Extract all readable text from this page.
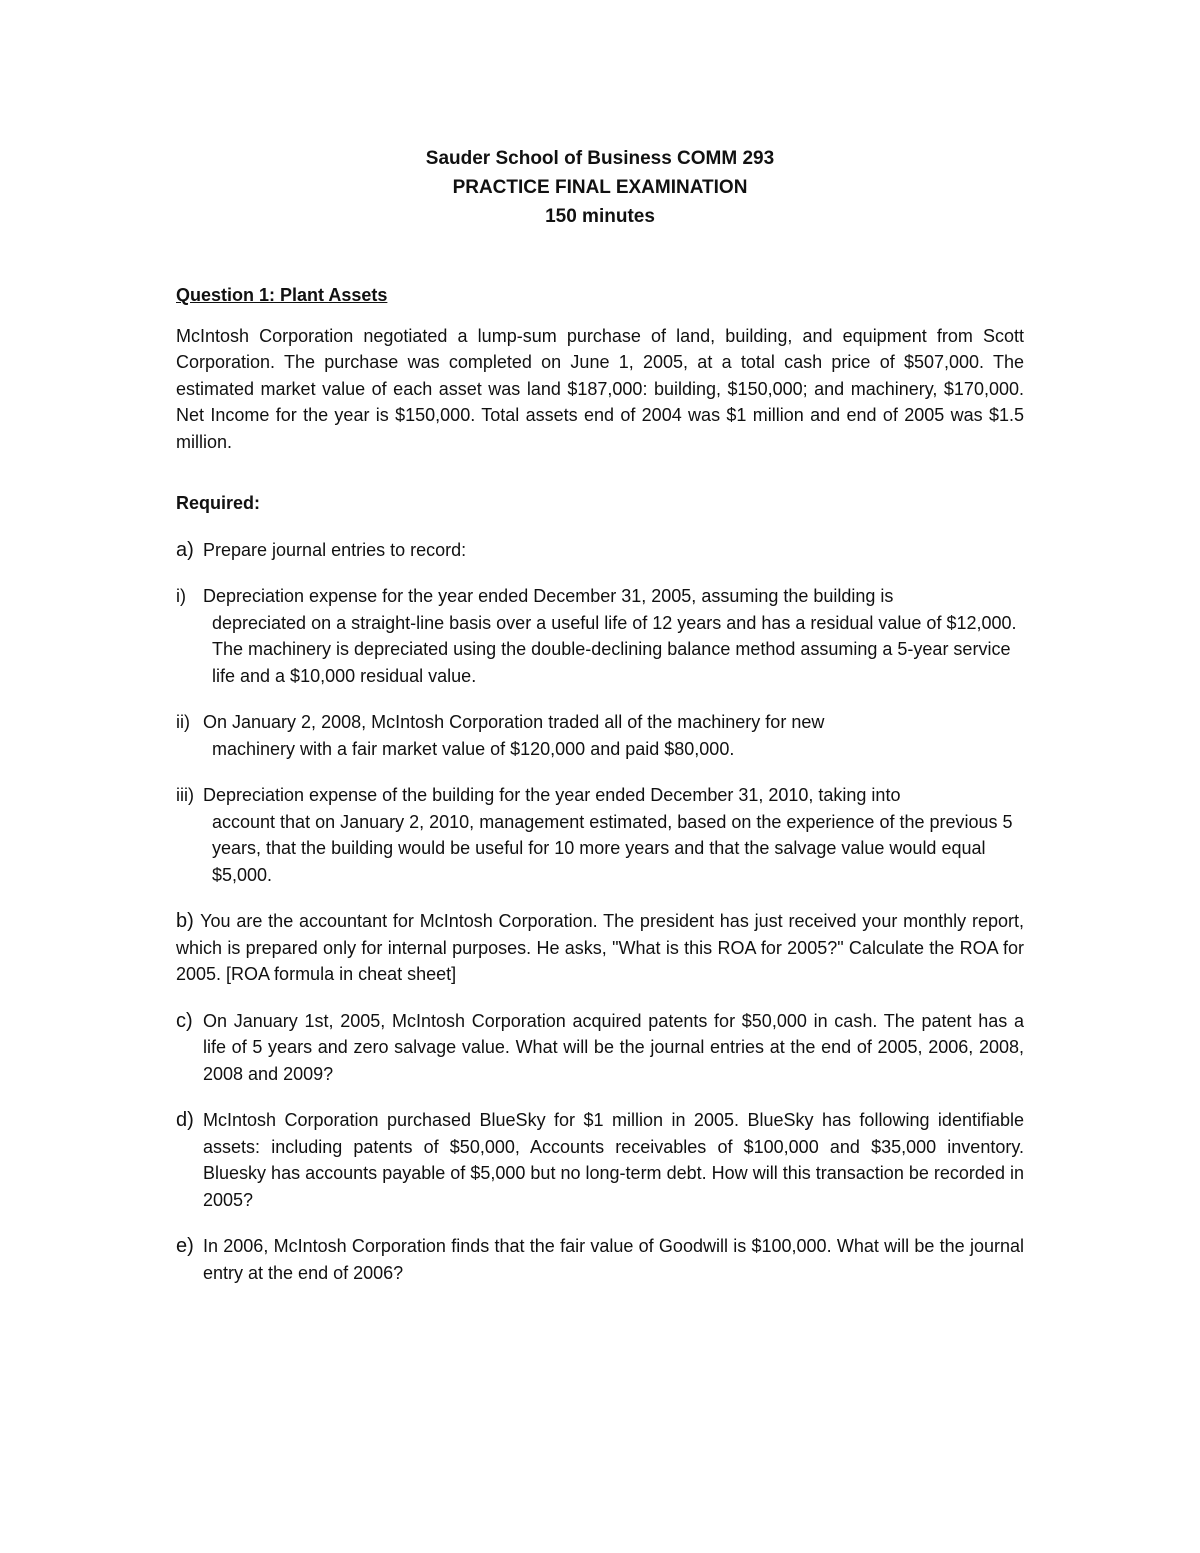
Sauder School of Business COMM 293
PRACTICE FINAL EXAMINATION
150 minutes
Question 1: Plant Assets

McIntosh Corporation negotiated a lump-sum purchase of land, building, and equipment from Scott Corporation. The purchase was completed on June 1, 2005, at a total cash price of $507,000. The estimated market value of each asset was land $187,000: building, $150,000; and machinery, $170,000. Net Income for the year is $150,000. Total assets end of 2004 was $1 million and end of 2005 was $1.5 million.

Required:
a) Prepare journal entries to record:
i) Depreciation expense for the year ended December 31, 2005, assuming the building is
depreciated on a straight-line basis over a useful life of 12 years and has a residual value of $12,000. The machinery is depreciated using the double-declining balance method assuming a 5-year service life and a $10,000 residual value.
ii) On January 2, 2008, McIntosh Corporation traded all of the machinery for new
machinery with a fair market value of $120,000 and paid $80,000.
iii) Depreciation expense of the building for the year ended December 31, 2010, taking into
account that on January 2, 2010, management estimated, based on the experience of the previous 5 years, that the building would be useful for 10 more years and that the salvage value would equal $5,000.
b) You are the accountant for McIntosh Corporation. The president has just received your monthly report, which is prepared only for internal purposes. He asks, "What is this ROA for 2005?" Calculate the ROA for 2005. [ROA formula in cheat sheet]
c) On January 1st, 2005, McIntosh Corporation acquired patents for $50,000 in cash. The patent has a life of 5 years and zero salvage value. What will be the journal entries at the end of 2005, 2006, 2008, 2008 and 2009?
d) McIntosh Corporation purchased BlueSky for $1 million in 2005. BlueSky has following identifiable assets: including patents of $50,000, Accounts receivables of $100,000 and $35,000 inventory. Bluesky has accounts payable of $5,000 but no long-term debt. How will this transaction be recorded in 2005?
e) In 2006, McIntosh Corporation finds that the fair value of Goodwill is $100,000. What will be the journal entry at the end of 2006?
